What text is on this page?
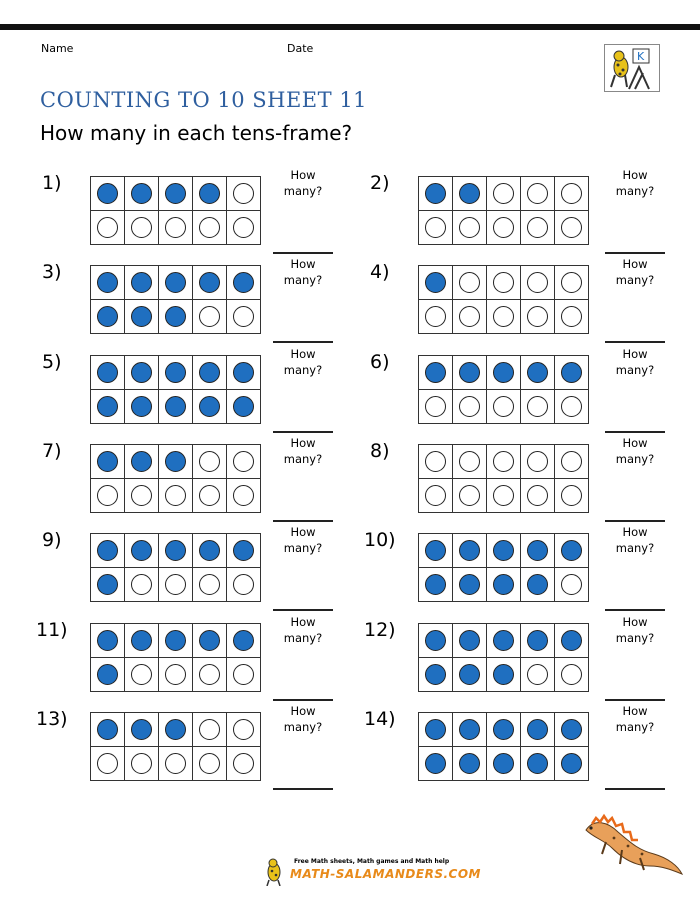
Name	Date
K
COUNTING TO 10 SHEET 11
How many in each tens-frame?
1)

					How
many?	2)

					How
many?
3)

					How
many?	4)

					How
many?
5)

					How
many?	6)

					How
many?
7)

					How
many?	8)

					How
many?
9)

					How
many?	10)

					How
many?
11)

					How
many?	12)

					How
many?
13)

					How
many?	14)

					How
many?
Free Math sheets, Math games and Math help
MATH-SALAMANDERS.COM
